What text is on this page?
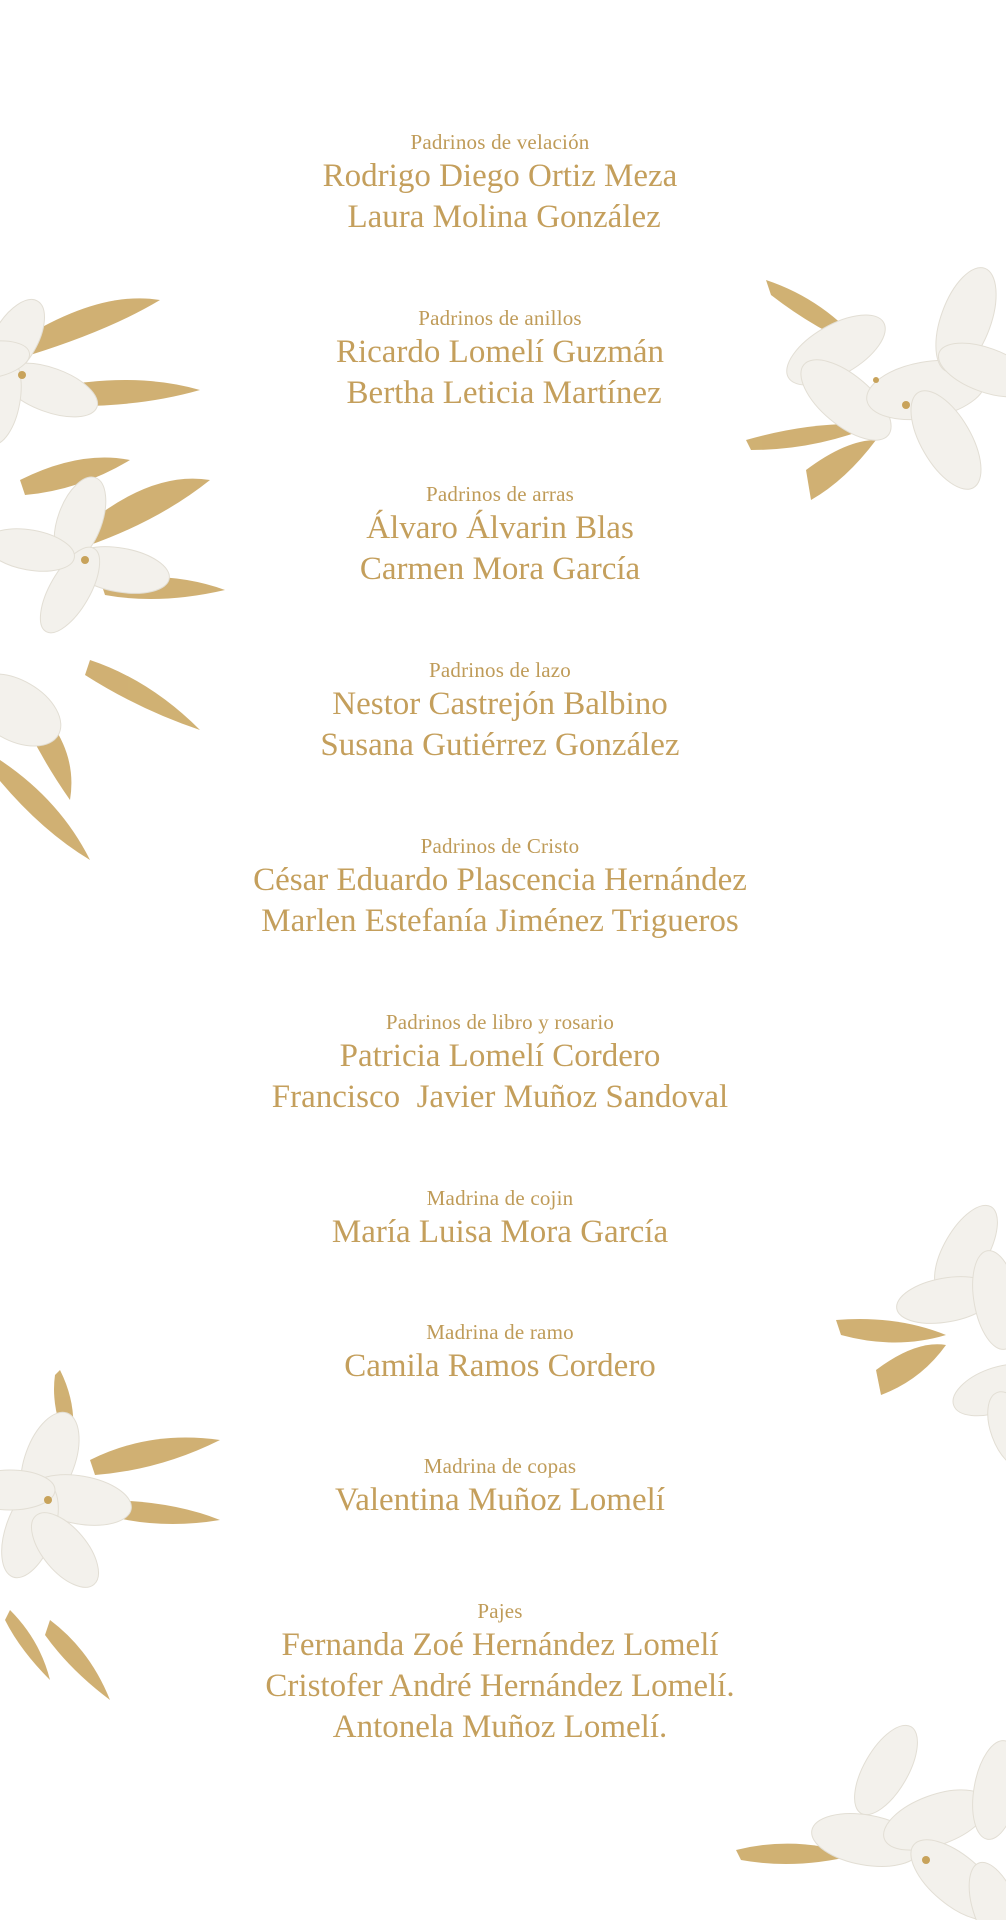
Padrinos de velación
Rodrigo Diego Ortiz Meza
Laura Molina González
Padrinos de anillos
Ricardo Lomelí Guzmán
Bertha Leticia Martínez
Padrinos de arras
Álvaro Álvarin Blas
Carmen Mora García
Padrinos de lazo
Nestor Castrejón Balbino
Susana Gutiérrez González
Padrinos de Cristo
César Eduardo Plascencia Hernández
Marlen Estefanía Jiménez Trigueros
Padrinos de libro y rosario
Patricia Lomelí Cordero
Francisco  Javier Muñoz Sandoval
Madrina de cojin
María Luisa Mora García
Madrina de ramo
Camila Ramos Cordero
Madrina de copas
Valentina Muñoz Lomelí
Pajes
Fernanda Zoé Hernández Lomelí
Cristofer André Hernández Lomelí.
Antonela Muñoz Lomelí.
